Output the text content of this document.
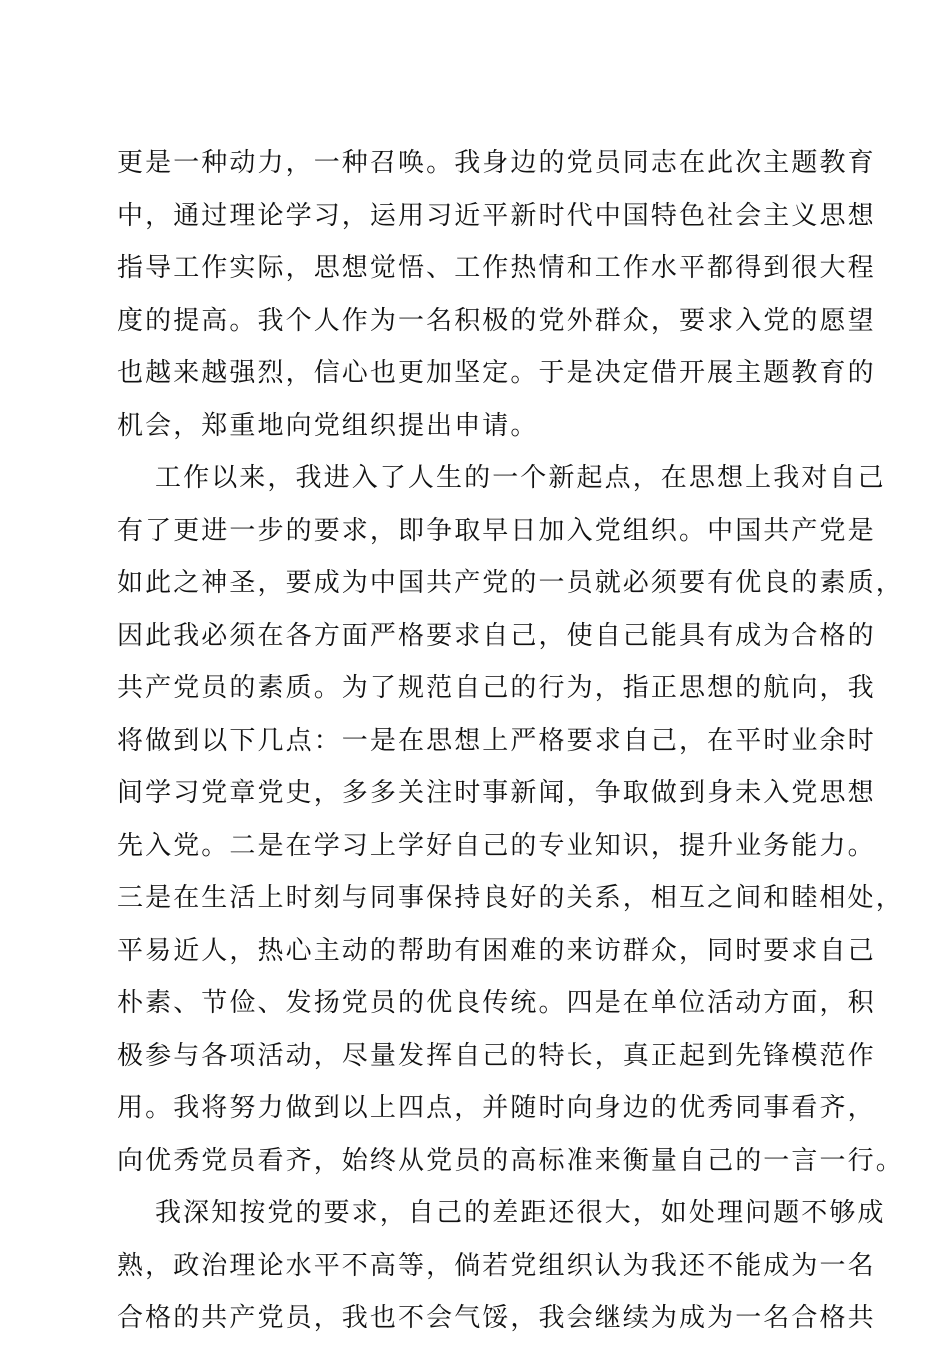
更是一种动力，一种召唤。我身边的党员同志在此次主题教育
中，通过理论学习，运用习近平新时代中国特色社会主义思想
指导工作实际，思想觉悟、工作热情和工作水平都得到很大程
度的提高。我个人作为一名积极的党外群众，要求入党的愿望
也越来越强烈，信心也更加坚定。于是决定借开展主题教育的
机会，郑重地向党组织提出申请。
工作以来，我进入了人生的一个新起点，在思想上我对自己
有了更进一步的要求，即争取早日加入党组织。中国共产党是
如此之神圣，要成为中国共产党的一员就必须要有优良的素质，
因此我必须在各方面严格要求自己，使自己能具有成为合格的
共产党员的素质。为了规范自己的行为，指正思想的航向，我
将做到以下几点：一是在思想上严格要求自己，在平时业余时
间学习党章党史，多多关注时事新闻，争取做到身未入党思想
先入党。二是在学习上学好自己的专业知识，提升业务能力。
三是在生活上时刻与同事保持良好的关系，相互之间和睦相处，
平易近人，热心主动的帮助有困难的来访群众，同时要求自己
朴素、节俭、发扬党员的优良传统。四是在单位活动方面，积
极参与各项活动，尽量发挥自己的特长，真正起到先锋模范作
用。我将努力做到以上四点，并随时向身边的优秀同事看齐，
向优秀党员看齐，始终从党员的高标准来衡量自己的一言一行。
我深知按党的要求，自己的差距还很大，如处理问题不够成
熟，政治理论水平不高等，倘若党组织认为我还不能成为一名
合格的共产党员，我也不会气馁，我会继续为成为一名合格共
